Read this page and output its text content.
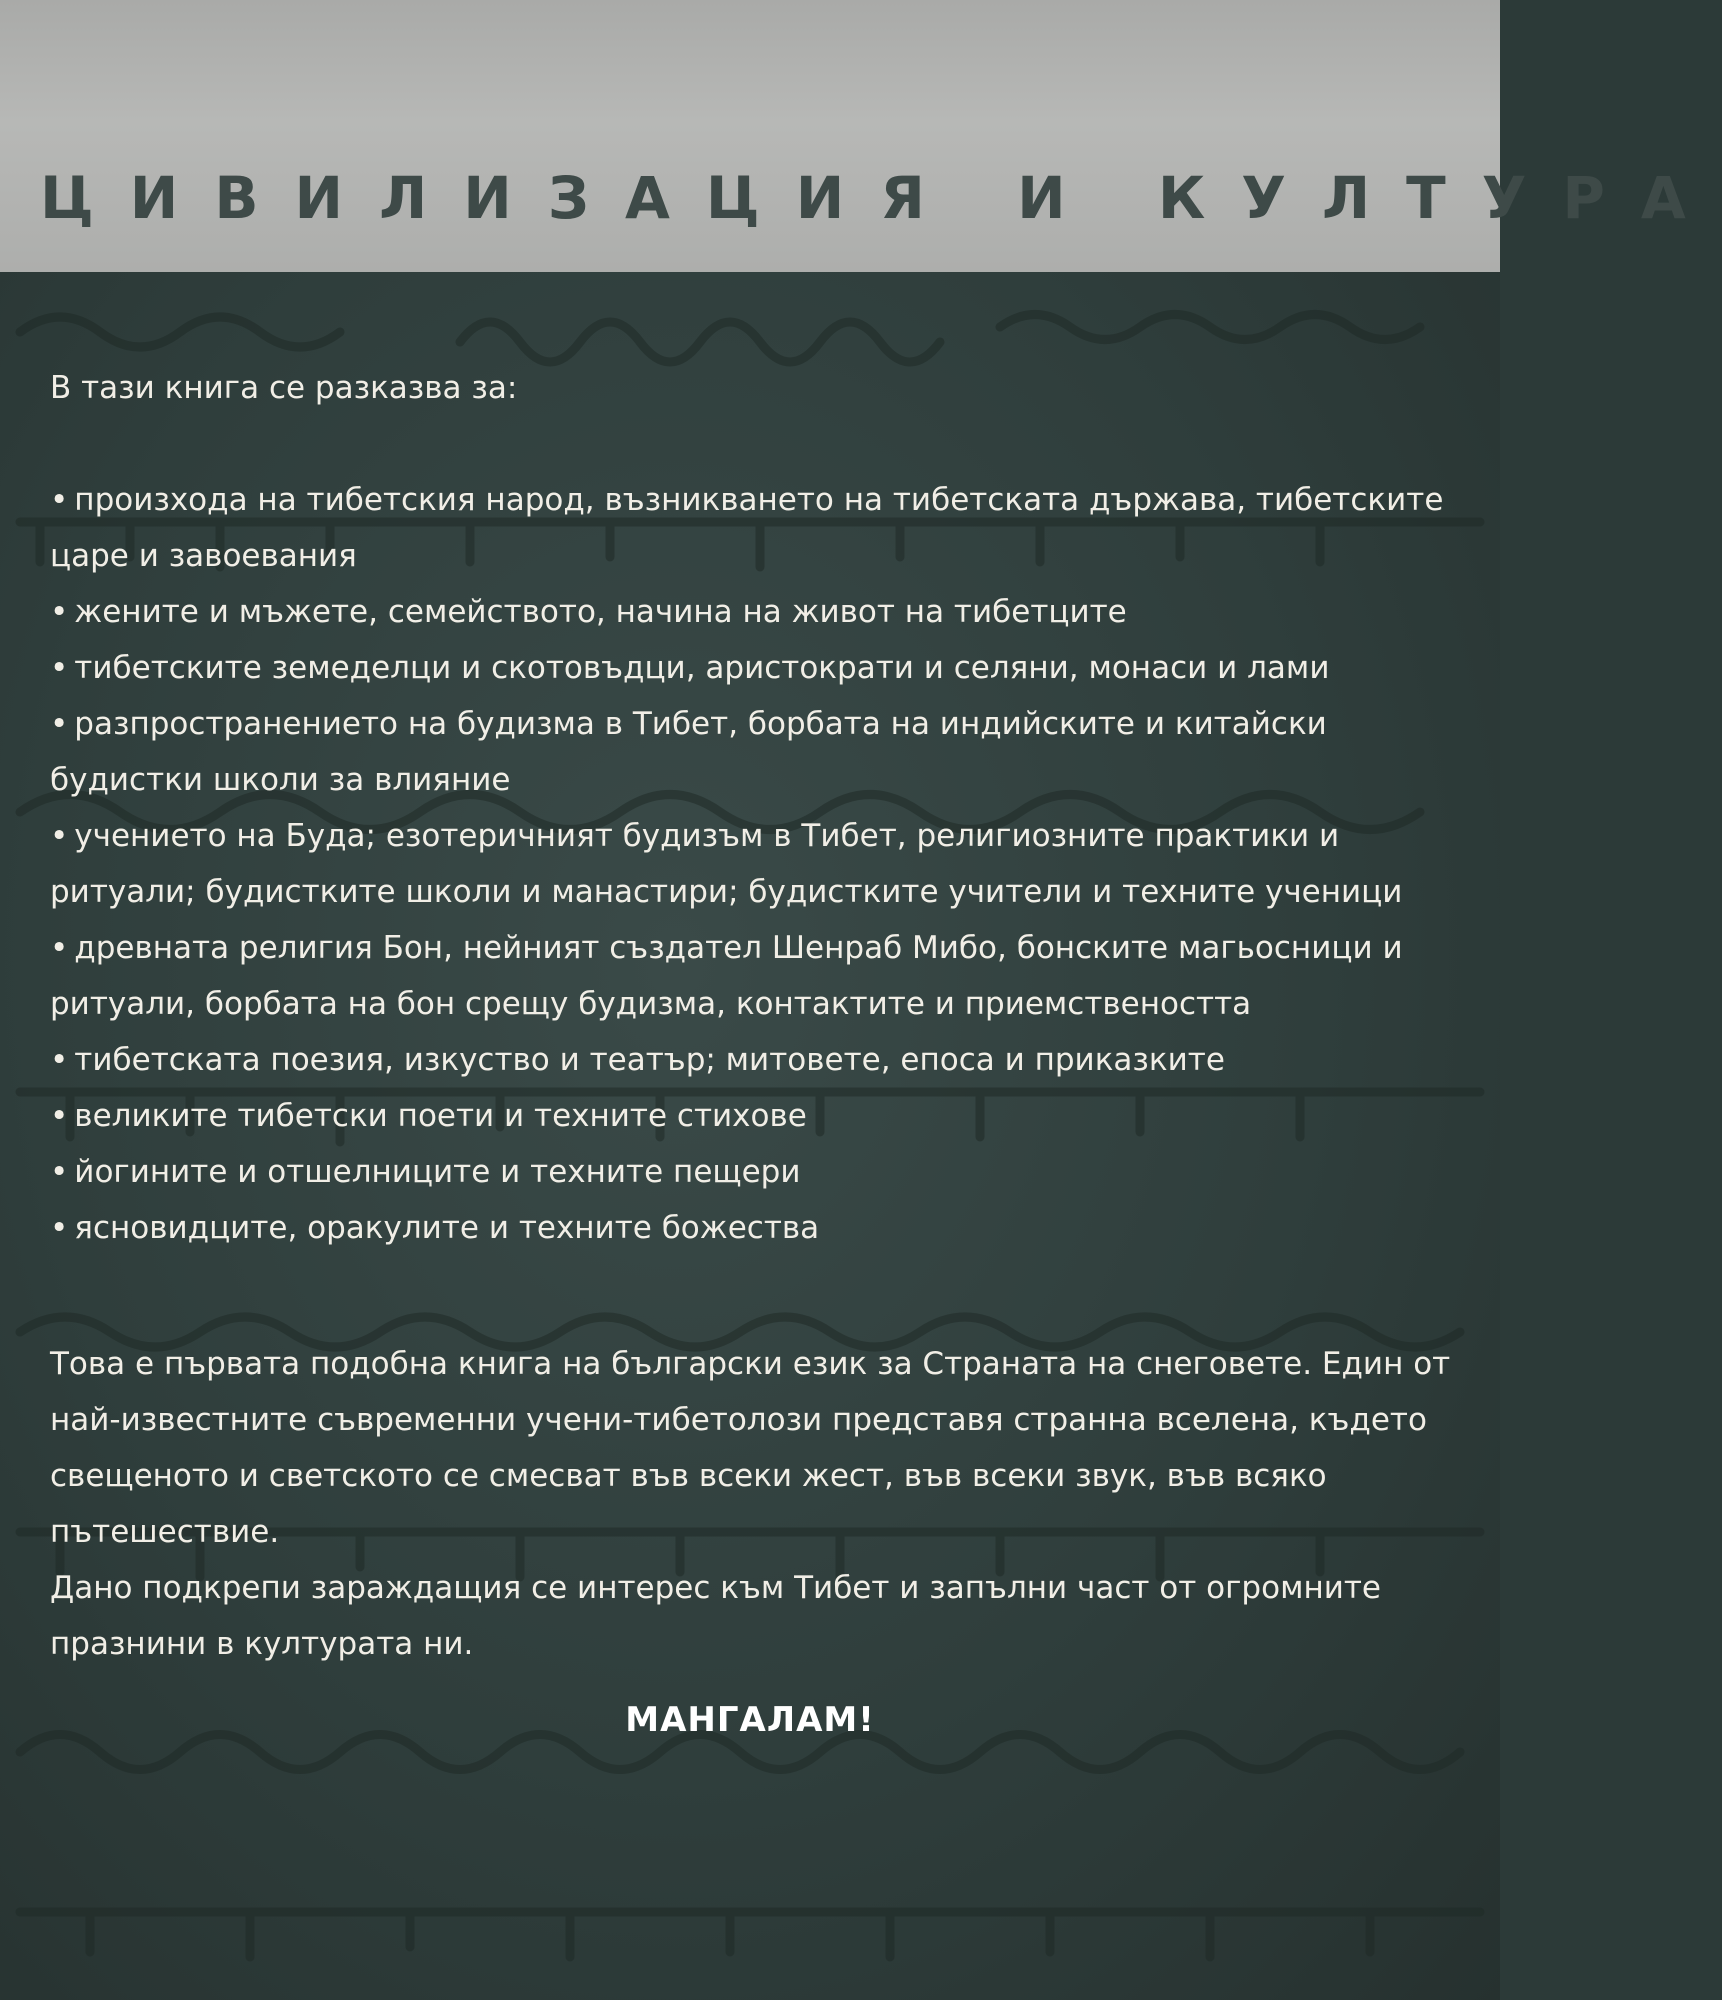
ЦИВИЛИЗАЦИЯ И КУЛТУРА
В тази книга се разказва за:
• произхода на тибетския народ, възникването на тибетската държава, тибетските царе и завоевания
• жените и мъжете, семейството, начина на живот на тибетците
• тибетските земеделци и скотовъдци, аристократи и селяни, монаси и лами
• разпространението на будизма в Тибет, борбата на индийските и китайски будистки школи за влияние
• учението на Буда; езотеричният будизъм в Тибет, религиозните практики и ритуали; будистките школи и манастири; будистките учители и техните ученици
• древната религия Бон, нейният създател Шенраб Мибо, бонските магьосници и ритуали, борбата на бон срещу будизма, контактите и приемствеността
• тибетската поезия, изкуство и театър; митовете, епоса и приказките
• великите тибетски поети и техните стихове
• йогините и отшелниците и техните пещери
• ясновидците, оракулите и техните божества

Това е първата подобна книга на български език за Страната на снеговете. Един от най-известните съвременни учени-тибетолози представя странна вселена, където свещеното и светското се смесват във всеки жест, във всеки звук, във всяко пътешествие.

Дано подкрепи зараждащия се интерес към Тибет и запълни част от огромните празнини в културата ни.

МАНГАЛАМ!
